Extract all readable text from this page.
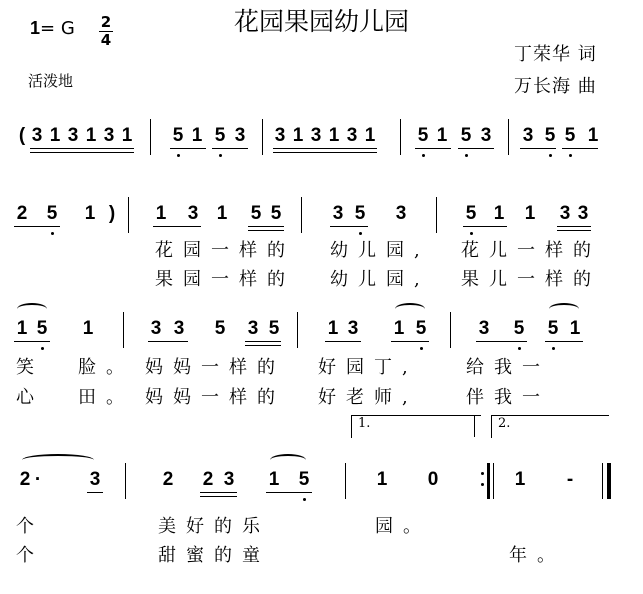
花园果园幼儿园
1= G 2
4
活泼地
丁荣华 词
万长海 曲
( 3 1 3 1 3 1 5 1 5 3 3 1 3 1 3 1 5 1 5 3 3 5 5 1
2 5 1 ) 1 3 1 5 5	3 5 3	5 1 1 3 3
花园一样的 幼儿园, 花儿一样的
果园一样的 幼儿园, 果儿一样的
1 5 1	3 3 5 3 5	1 3 1 5	3 5 5 1
笑 脸。 妈妈一样的 好园丁,	给我一
心 田。 妈妈一样的 好老师,	伴我一
1.	2.
2 ·	3	2 2 3 1 5	1 0	1 -
个	美好的乐	园。
个	甜蜜的童	年。
